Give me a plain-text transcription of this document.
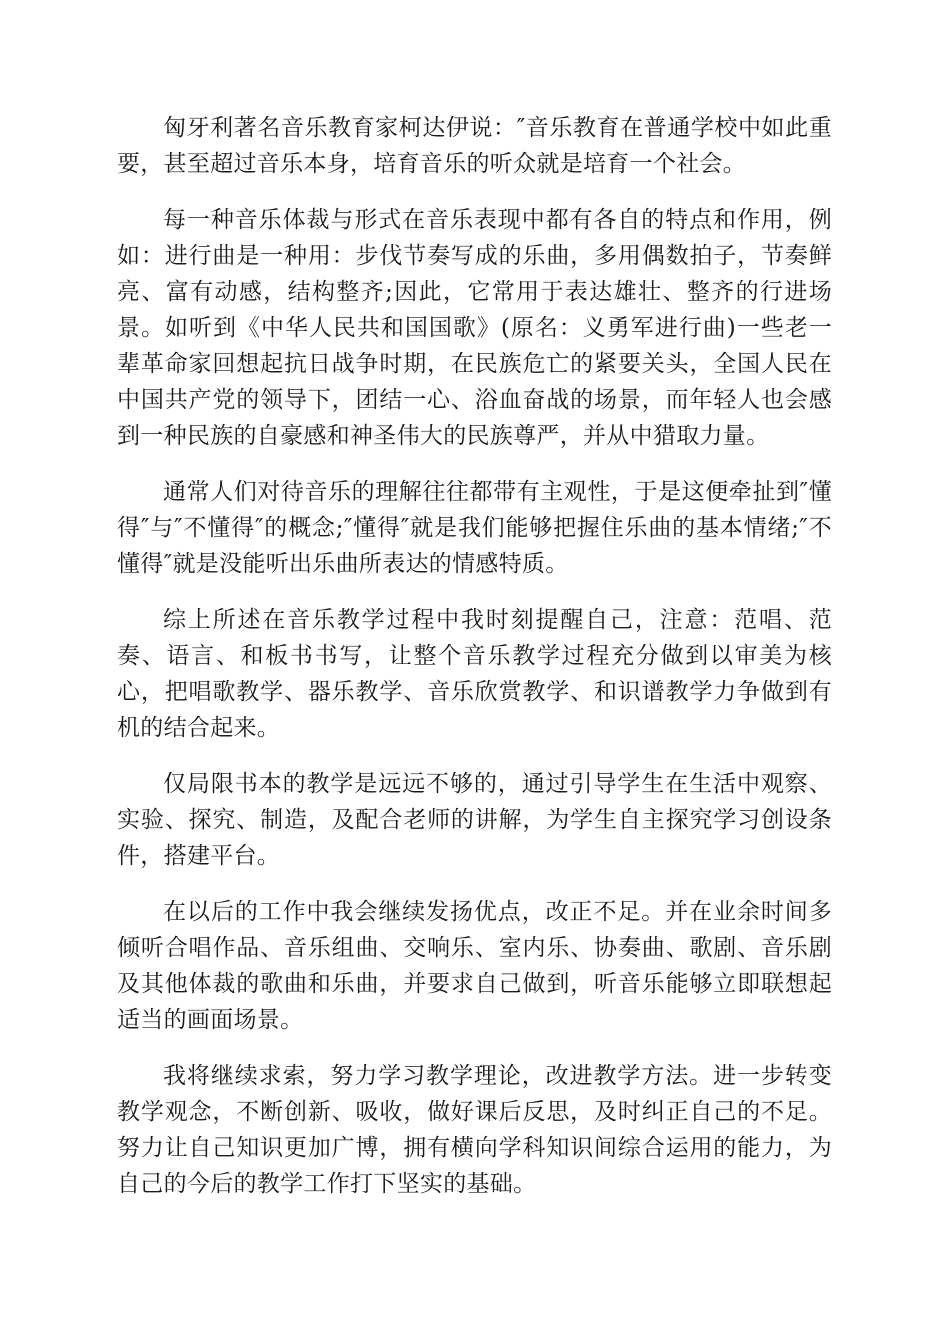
匈牙利著名音乐教育家柯达伊说：″音乐教育在普通学校中如此重要，甚至超过音乐本身，培育音乐的听众就是培育一个社会。

每一种音乐体裁与形式在音乐表现中都有各自的特点和作用，例如：进行曲是一种用：步伐节奏写成的乐曲，多用偶数拍子，节奏鲜亮、富有动感，结构整齐;因此，它常用于表达雄壮、整齐的行进场景。如听到《中华人民共和国国歌》(原名：义勇军进行曲)一些老一辈革命家回想起抗日战争时期，在民族危亡的紧要关头，全国人民在中国共产党的领导下，团结一心、浴血奋战的场景，而年轻人也会感到一种民族的自豪感和神圣伟大的民族尊严，并从中猎取力量。

通常人们对待音乐的理解往往都带有主观性，于是这便牵扯到″懂得″与″不懂得″的概念;″懂得″就是我们能够把握住乐曲的基本情绪;″不懂得″就是没能听出乐曲所表达的情感特质。

综上所述在音乐教学过程中我时刻提醒自己，注意：范唱、范奏、语言、和板书书写，让整个音乐教学过程充分做到以审美为核心，把唱歌教学、器乐教学、音乐欣赏教学、和识谱教学力争做到有机的结合起来。

仅局限书本的教学是远远不够的，通过引导学生在生活中观察、实验、探究、制造，及配合老师的讲解，为学生自主探究学习创设条件，搭建平台。

在以后的工作中我会继续发扬优点，改正不足。并在业余时间多倾听合唱作品、音乐组曲、交响乐、室内乐、协奏曲、歌剧、音乐剧及其他体裁的歌曲和乐曲，并要求自己做到，听音乐能够立即联想起适当的画面场景。

我将继续求索，努力学习教学理论，改进教学方法。进一步转变教学观念，不断创新、吸收，做好课后反思，及时纠正自己的不足。努力让自己知识更加广博，拥有横向学科知识间综合运用的能力，为自己的今后的教学工作打下坚实的基础。
